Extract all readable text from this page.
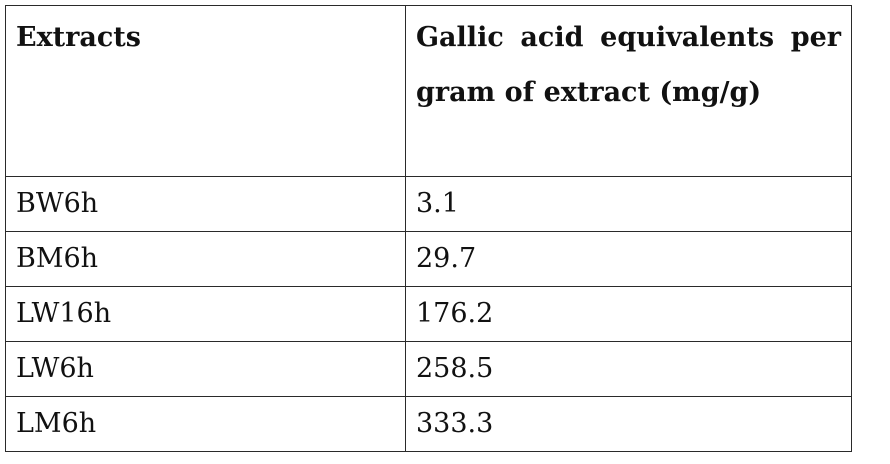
Extracts	Gallic acid equivalents per gram of extract (mg/g)
BW6h	3.1
BM6h	29.7
LW16h	176.2
LW6h	258.5
LM6h	333.3
